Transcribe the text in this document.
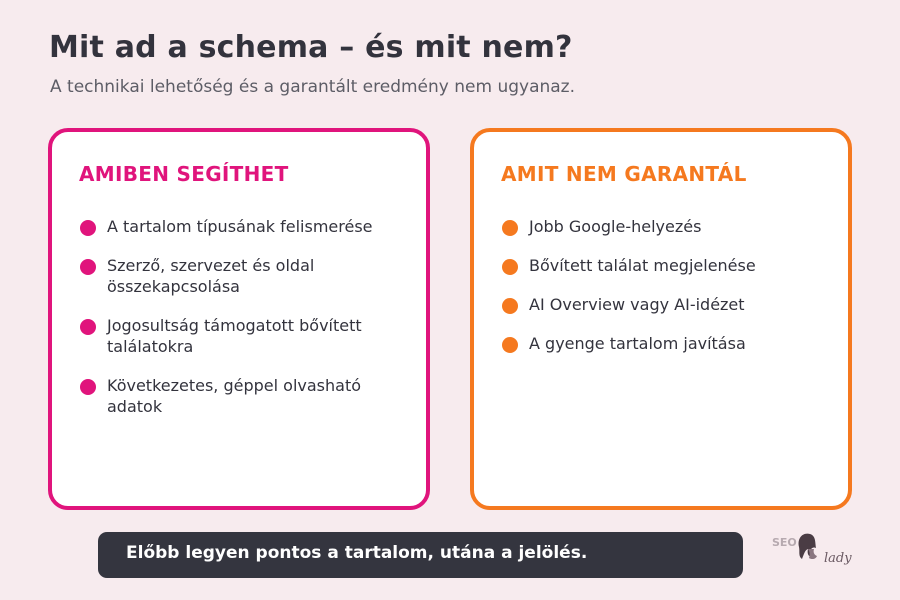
Mit ad a schema – és mit nem?
A technikai lehetőség és a garantált eredmény nem ugyanaz.
AMIBEN SEGÍTHET
A tartalom típusának felismerése
Szerző, szervezet és oldal összekapcsolása
Jogosultság támogatott bővített találatokra
Következetes, géppel olvasható adatok
AMIT NEM GARANTÁL
Jobb Google-helyezés
Bővített találat megjelenése
AI Overview vagy AI-idézet
A gyenge tartalom javítása
Előbb legyen pontos a tartalom, utána a jelölés.
SEO
lady
